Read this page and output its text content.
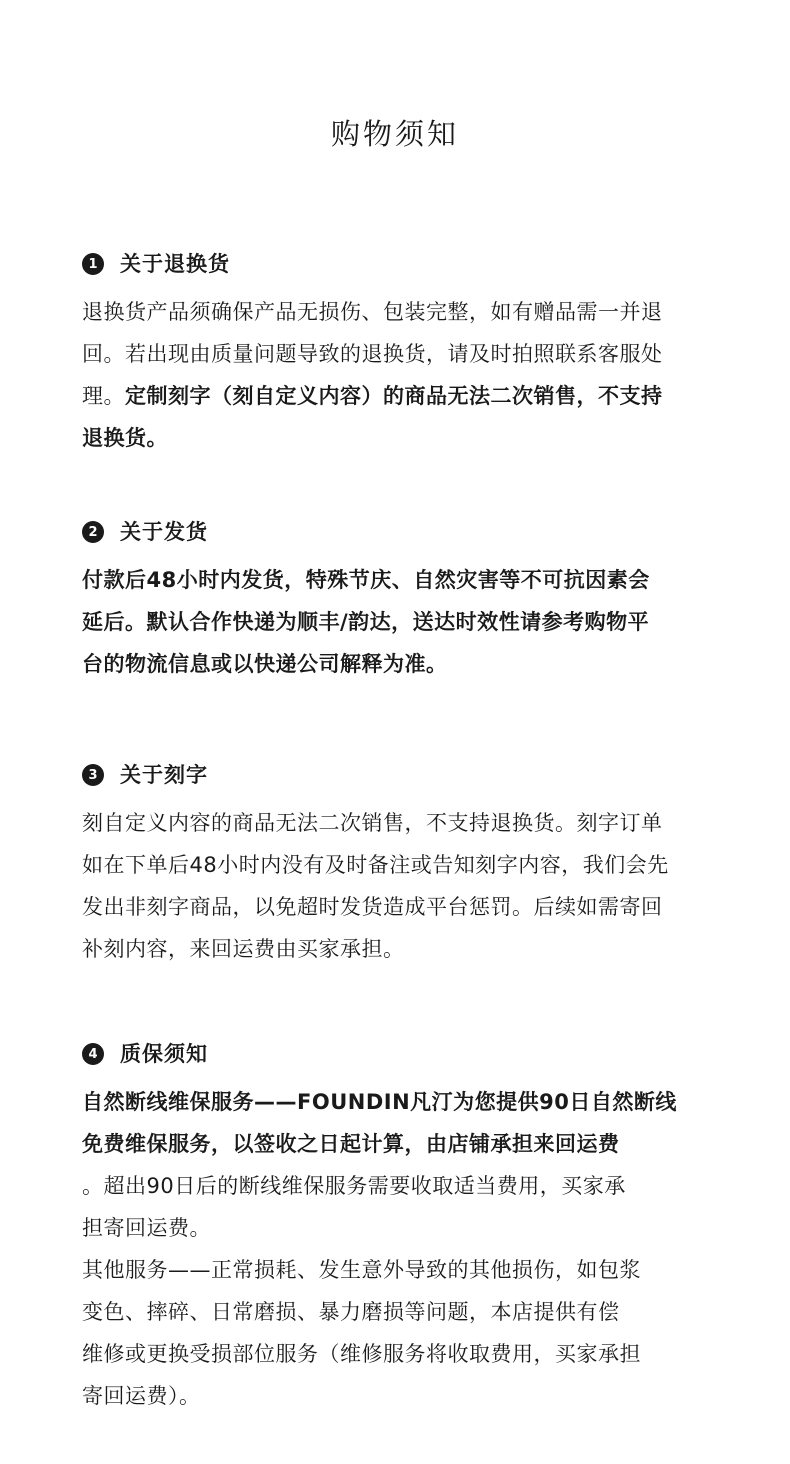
购物须知
1	关于退换货

退换货产品须确保产品无损伤、包装完整，如有赠品需一并退
回。若出现由质量问题导致的退换货，请及时拍照联系客服处
理。定制刻字（刻自定义内容）的商品无法二次销售，不支持
退换货。

2	关于发货

付款后48小时内发货，特殊节庆、自然灾害等不可抗因素会
延后。默认合作快递为顺丰/韵达，送达时效性请参考购物平
台的物流信息或以快递公司解释为准。

3	关于刻字

刻自定义内容的商品无法二次销售，不支持退换货。刻字订单
如在下单后48小时内没有及时备注或告知刻字内容，我们会先
发出非刻字商品，以免超时发货造成平台惩罚。后续如需寄回
补刻内容，来回运费由买家承担。

4	质保须知

自然断线维保服务——FOUNDIN凡汀为您提供90日自然断线
免费维保服务，以签收之日起计算，由店铺承担来回运费
。超出90日后的断线维保服务需要收取适当费用，买家承
担寄回运费。
其他服务——正常损耗、发生意外导致的其他损伤，如包浆
变色、摔碎、日常磨损、暴力磨损等问题，本店提供有偿
维修或更换受损部位服务（维修服务将收取费用，买家承担
寄回运费）。
